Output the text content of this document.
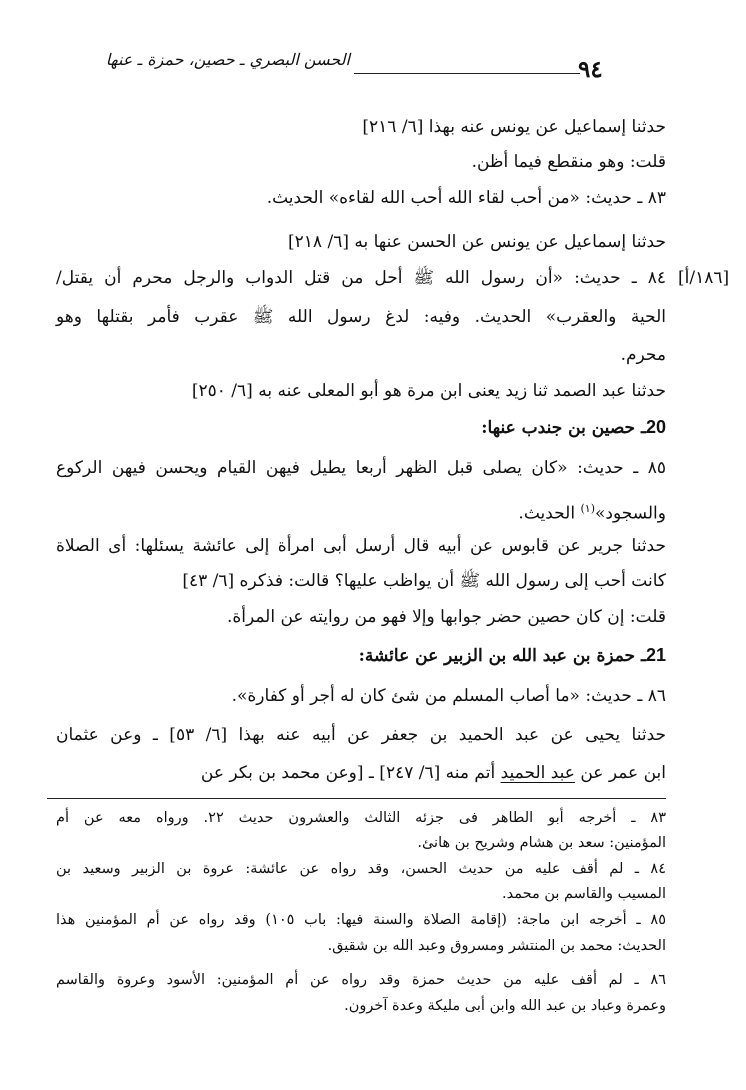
٩٤
الحسن البصري ـ حصين، حمزة ـ عنها
حدثنا إسماعيل عن يونس عنه بهذا [٦/ ٢١٦]
قلت: وهو منقطع فيما أظن.
٨٣ ـ حديث: «من أحب لقاء الله أحب الله لقاءه» الحديث.
حدثنا إسماعيل عن يونس عن الحسن عنها به [٦/ ٢١٨]
[١٨٦/أ]
٨٤ ـ حديث: «أن رسول الله ﷺ أحل من قتل الدواب والرجل محرم أن يقتل/
الحية والعقرب» الحديث. وفيه: لدغ رسول الله ﷺ عقرب فأمر بقتلها وهو
محرم.
حدثنا عبد الصمد ثنا زيد يعنى ابن مرة هو أبو المعلى عنه به [٦/ ٢٥٠]
20ـ حصين بن جندب عنها:
٨٥ ـ حديث: «كان يصلى قبل الظهر أربعا يطيل فيهن القيام ويحسن فيهن الركوع
والسجود»$^{(١)}$ الحديث.
حدثنا جرير عن قابوس عن أبيه قال أرسل أبى امرأة إلى عائشة يسئلها: أى الصلاة
كانت أحب إلى رسول الله ﷺ أن يواظب عليها؟ قالت: فذكره [٦/ ٤٣]
قلت: إن كان حصين حضر جوابها وإلا فهو من روايته عن المرأة.
21ـ حمزة بن عبد الله بن الزبير عن عائشة:
٨٦ ـ حديث: «ما أصاب المسلم من شئ كان له أجر أو كفارة».
حدثنا يحيى عن عبد الحميد بن جعفر عن أبيه عنه بهذا [٦/ ٥٣] ـ وعن عثمان
ابن عمر عن عبد الحميد أتم منه [٦/ ٢٤٧] ـ [وعن محمد بن بكر عن
٨٣ ـ أخرجه أبو الطاهر فى جزئه الثالث والعشرون حديث ٢٢. ورواه معه عن أم
المؤمنين: سعد بن هشام وشريح بن هانئ.
٨٤ ـ لم أقف عليه من حديث الحسن، وقد رواه عن عائشة: عروة بن الزبير وسعيد بن
المسيب والقاسم بن محمد.
٨٥ ـ أخرجه ابن ماجة: (إقامة الصلاة والسنة فيها: باب ١٠٥) وقد رواه عن أم المؤمنين هذا
الحديث: محمد بن المنتشر ومسروق وعبد الله بن شقيق.
٨٦ ـ لم أقف عليه من حديث حمزة وقد رواه عن أم المؤمنين: الأسود وعروة والقاسم
وعمرة وعباد بن عبد الله وابن أبى مليكة وعدة آخرون.
